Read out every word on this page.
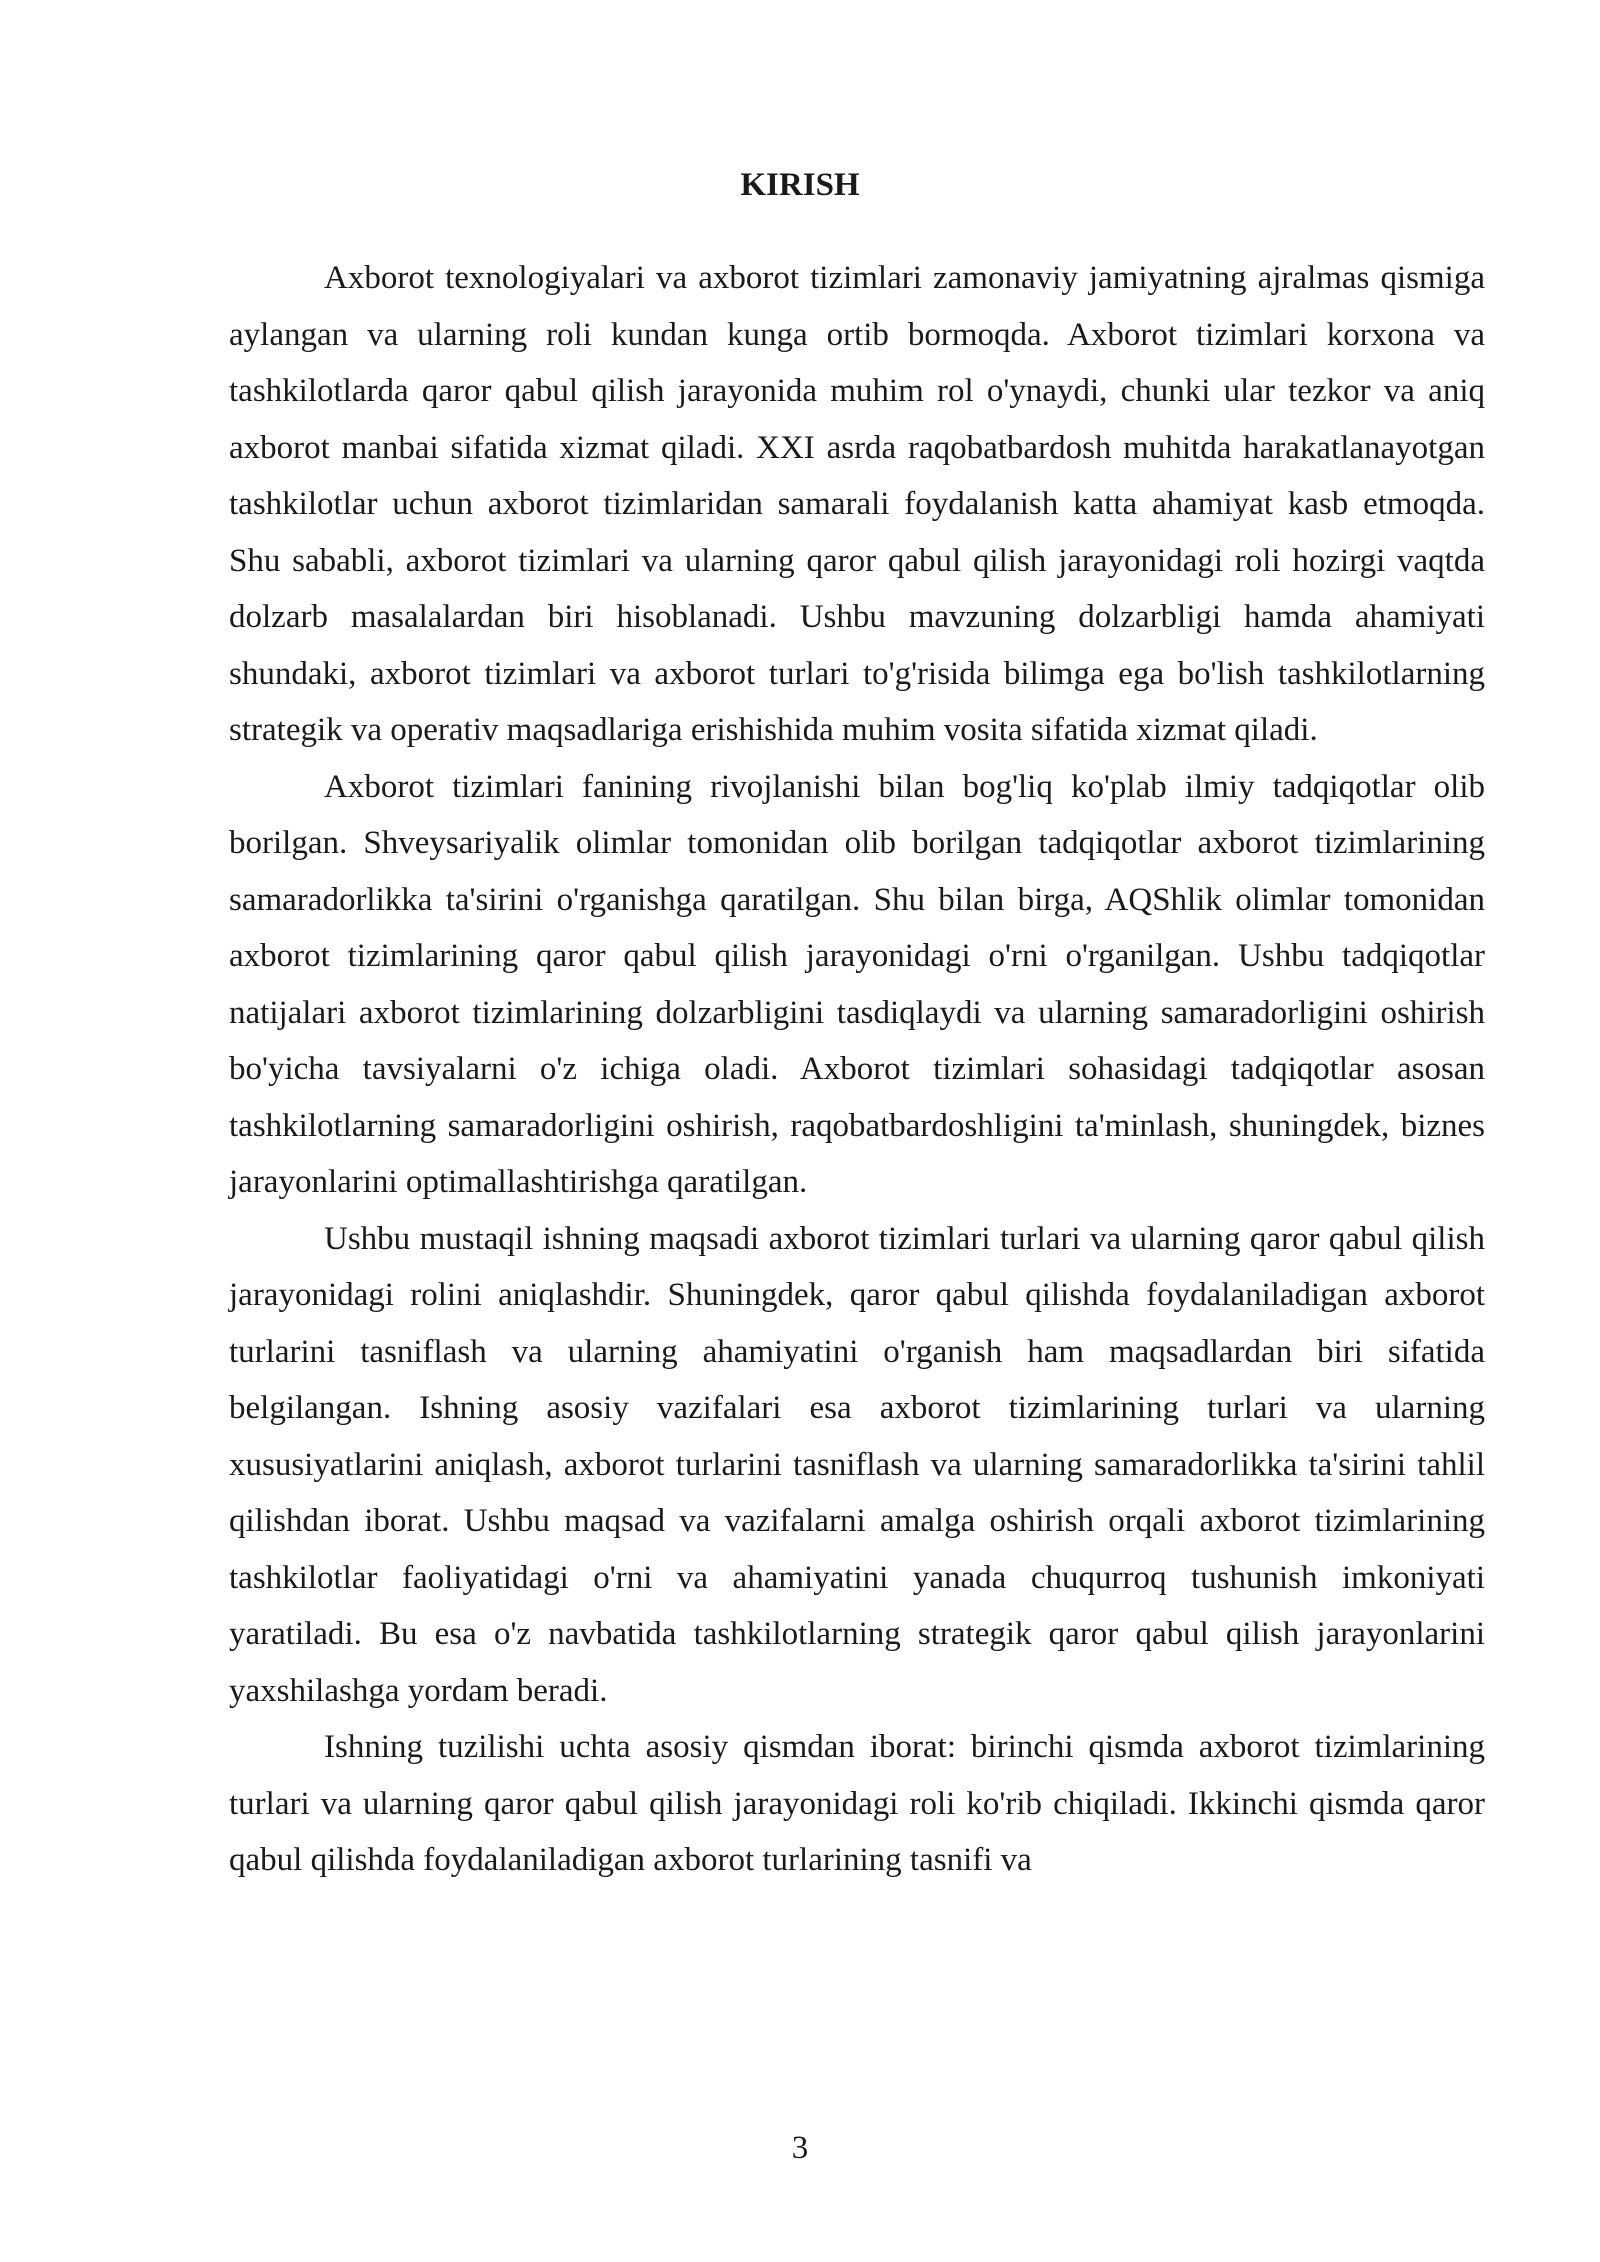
KIRISH

Axborot texnologiyalari va axborot tizimlari zamonaviy jamiyatning ajralmas qismiga aylangan va ularning roli kundan kunga ortib bormoqda. Axborot tizimlari korxona va tashkilotlarda qaror qabul qilish jarayonida muhim rol o'ynaydi, chunki ular tezkor va aniq axborot manbai sifatida xizmat qiladi. XXI asrda raqobatbardosh muhitda harakatlanayotgan tashkilotlar uchun axborot tizimlaridan samarali foydalanish katta ahamiyat kasb etmoqda. Shu sababli, axborot tizimlari va ularning qaror qabul qilish jarayonidagi roli hozirgi vaqtda dolzarb masalalardan biri hisoblanadi. Ushbu mavzuning dolzarbligi hamda ahamiyati shundaki, axborot tizimlari va axborot turlari to'g'risida bilimga ega bo'lish tashkilotlarning strategik va operativ maqsadlariga erishishida muhim vosita sifatida xizmat qiladi.

Axborot tizimlari fanining rivojlanishi bilan bog'liq ko'plab ilmiy tadqiqotlar olib borilgan. Shveysariyalik olimlar tomonidan olib borilgan tadqiqotlar axborot tizimlarining samaradorlikka ta'sirini o'rganishga qaratilgan. Shu bilan birga, AQShlik olimlar tomonidan axborot tizimlarining qaror qabul qilish jarayonidagi o'rni o'rganilgan. Ushbu tadqiqotlar natijalari axborot tizimlarining dolzarbligini tasdiqlaydi va ularning samaradorligini oshirish bo'yicha tavsiyalarni o'z ichiga oladi. Axborot tizimlari sohasidagi tadqiqotlar asosan tashkilotlarning samaradorligini oshirish, raqobatbardoshligini ta'minlash, shuningdek, biznes jarayonlarini optimallashtirishga qaratilgan.

Ushbu mustaqil ishning maqsadi axborot tizimlari turlari va ularning qaror qabul qilish jarayonidagi rolini aniqlashdir. Shuningdek, qaror qabul qilishda foydalaniladigan axborot turlarini tasniflash va ularning ahamiyatini o'rganish ham maqsadlardan biri sifatida belgilangan. Ishning asosiy vazifalari esa axborot tizimlarining turlari va ularning xususiyatlarini aniqlash, axborot turlarini tasniflash va ularning samaradorlikka ta'sirini tahlil qilishdan iborat. Ushbu maqsad va vazifalarni amalga oshirish orqali axborot tizimlarining tashkilotlar faoliyatidagi o'rni va ahamiyatini yanada chuqurroq tushunish imkoniyati yaratiladi. Bu esa o'z navbatida tashkilotlarning strategik qaror qabul qilish jarayonlarini yaxshilashga yordam beradi.

Ishning tuzilishi uchta asosiy qismdan iborat: birinchi qismda axborot tizimlarining turlari va ularning qaror qabul qilish jarayonidagi roli ko'rib chiqiladi. Ikkinchi qismda qaror qabul qilishda foydalaniladigan axborot turlarining tasnifi va

3
